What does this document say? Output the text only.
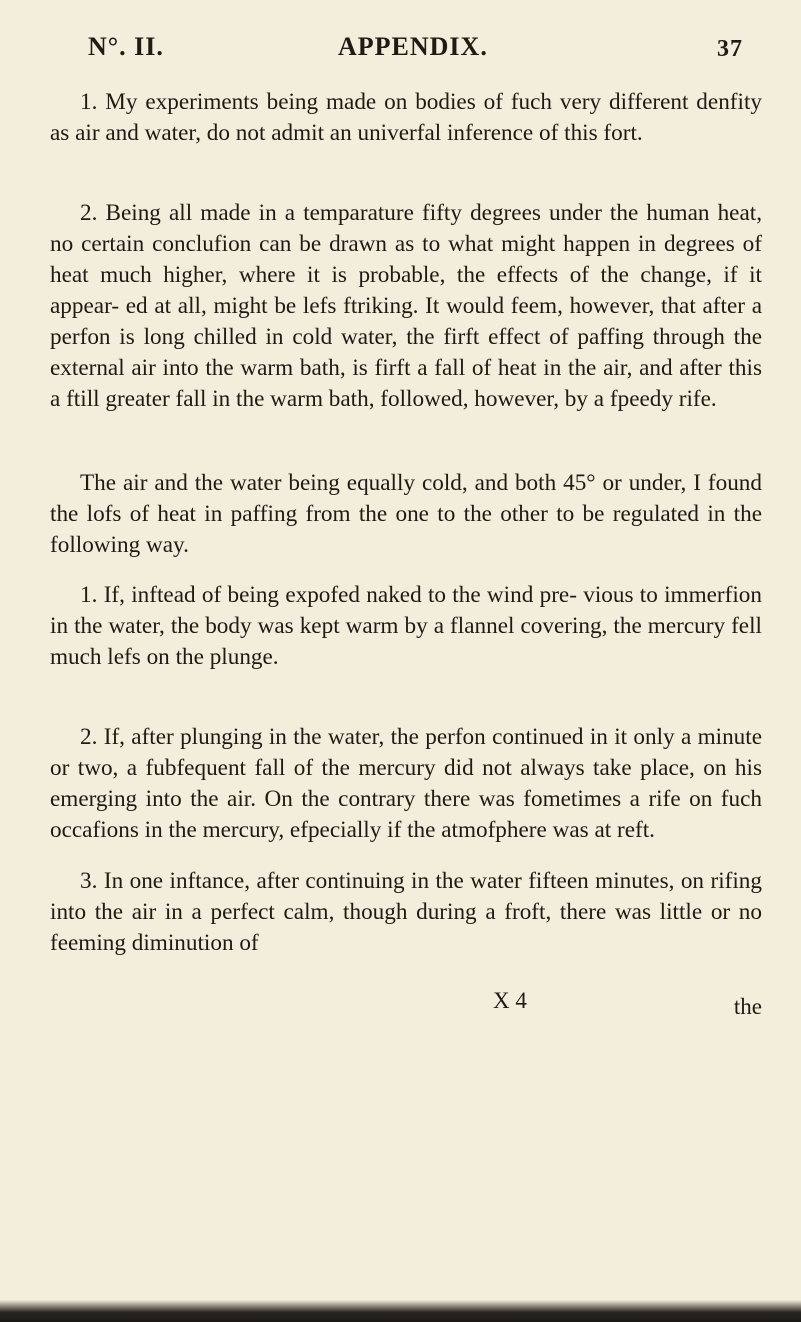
N°. II.	APPENDIX.	37

1. My experiments being made on bodies of fuch very different denfity as air and water, do not admit an univerfal inference of this fort.

2. Being all made in a temparature fifty degrees under the human heat, no certain conclufion can be drawn as to what might happen in degrees of heat much higher, where it is probable, the effects of the change, if it appear- ed at all, might be lefs ftriking. It would feem, however, that after a perfon is long chilled in cold water, the firft effect of paffing through the external air into the warm bath, is firft a fall of heat in the air, and after this a ftill greater fall in the warm bath, followed, however, by a fpeedy rife.

The air and the water being equally cold, and both 45° or under, I found the lofs of heat in paffing from the one to the other to be regulated in the following way.

1. If, inftead of being expofed naked to the wind pre- vious to immerfion in the water, the body was kept warm by a flannel covering, the mercury fell much lefs on the plunge.

2. If, after plunging in the water, the perfon continued in it only a minute or two, a fubfequent fall of the mercury did not always take place, on his emerging into the air. On the contrary there was fometimes a rife on fuch occafions in the mercury, efpecially if the atmofphere was at reft.

3. In one inftance, after continuing in the water fifteen minutes, on rifing into the air in a perfect calm, though during a froft, there was little or no feeming diminution of

X 4	the
